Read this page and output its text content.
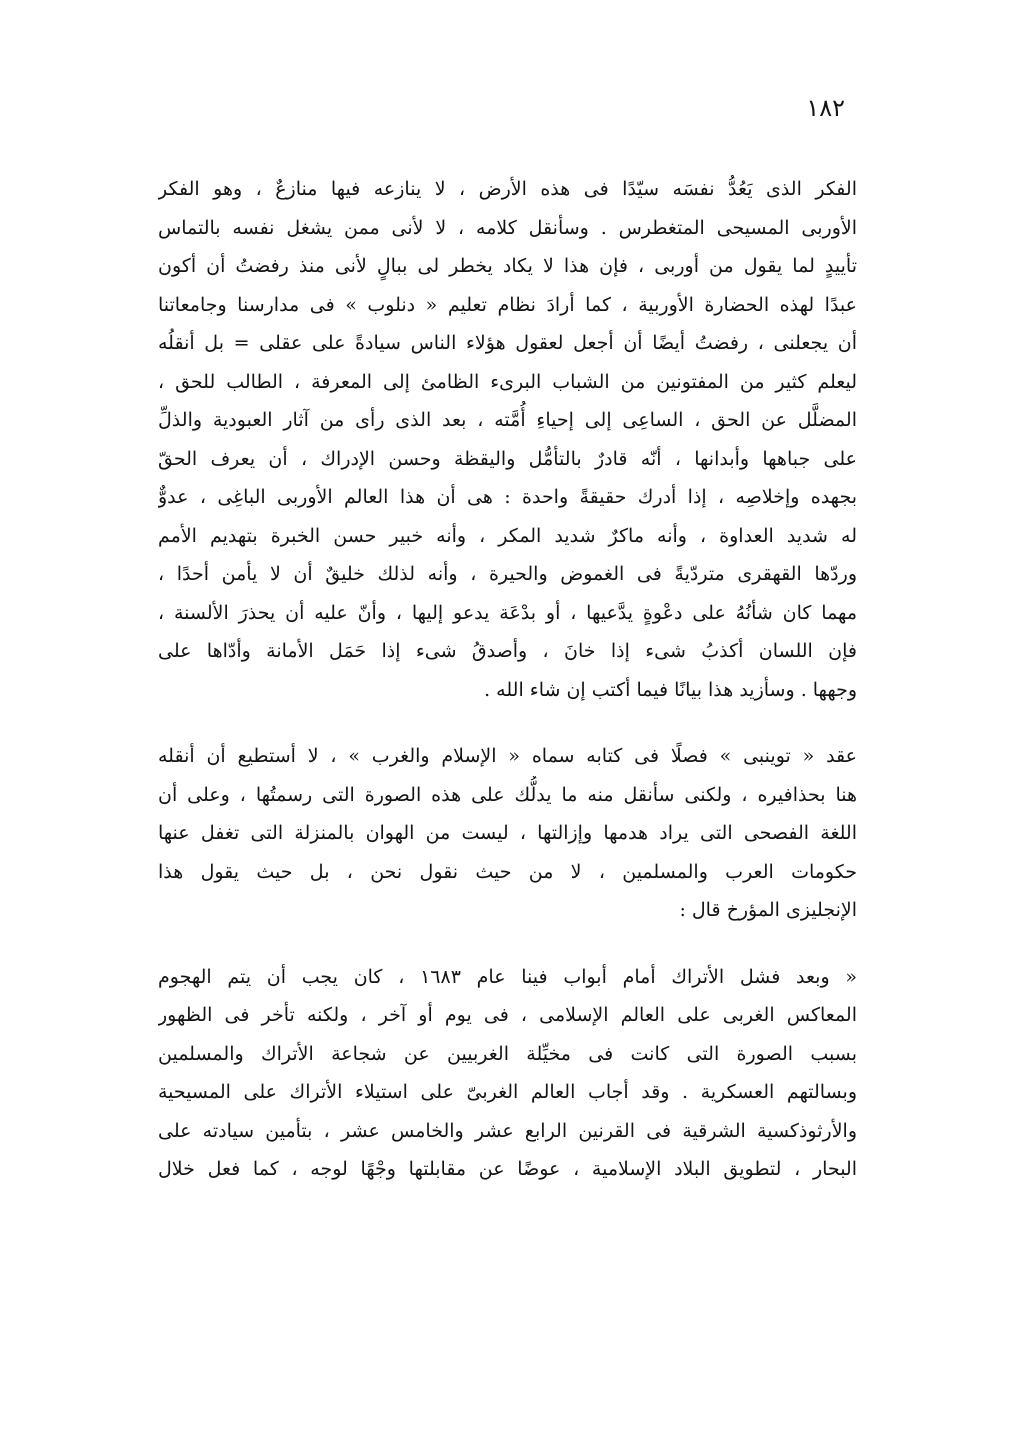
١٨٢

الفكر الذى يَعُدُّ نفسَه سيّدًا فى هذه الأرض ، لا ينازعه فيها منازعٌ ، وهو الفكر
الأوربى المسيحى المتغطرس . وسأنقل كلامه ، لا لأنى ممن يشغل نفسه بالتماس
تأييدٍ لما يقول من أوربى ، فإن هذا لا يكاد يخطر لى ببالٍ لأنى منذ رفضتُ أن أكون
عبدًا لهذه الحضارة الأوربية ، كما أرادَ نظام تعليم « دنلوب » فى مدارسنا وجامعاتنا
أن يجعلنى ، رفضتُ أيضًا أن أجعل لعقول هؤلاء الناس سيادةً على عقلى = بل أنقلُه
ليعلم كثير من المفتونين من الشباب البرىء الظامئ إلى المعرفة ، الطالب للحق ،
المضلَّل عن الحق ، الساعِى إلى إحياءِ أُمَّته ، بعد الذى رأى من آثار العبودية والذلِّ
على جباهها وأبدانها ، أنّه قادرٌ بالتأمُّل واليقظة وحسن الإدراك ، أن يعرف الحقّ
بجهده وإخلاصِه ، إذا أدرك حقيقةً واحدة : هى أن هذا العالم الأوربى الباغِى ، عدوٌّ
له شديد العداوة ، وأنه ماكرٌ شديد المكر ، وأنه خبير حسن الخبرة بتهديم الأمم
وردّها القهقرى متردّيةً فى الغموض والحيرة ، وأنه لذلك خليقٌ أن لا يأمن أحدًا ،
مهما كان شأنُهُ على دعْوةٍ يدَّعيها ، أو بدْعَة يدعو إليها ، وأنّ عليه أن يحذرَ الألسنة ،
فإن اللسان أكذبُ شىء إذا خانَ ، وأصدقُ شىء إذا حَمَل الأمانة وأدّاها على
وجهها . وسأزيد هذا بيانًا فيما أكتب إن شاء الله .

عقد « توينبى » فصلًا فى كتابه سماه « الإسلام والغرب » ، لا أستطيع أن أنقله
هنا بحذافيره ، ولكنى سأنقل منه ما يدلُّك على هذه الصورة التى رسمتُها ، وعلى أن
اللغة الفصحى التى يراد هدمها وإزالتها ، ليست من الهوان بالمنزلة التى تغفل عنها
حكومات العرب والمسلمين ، لا من حيث نقول نحن ، بل حيث يقول هذا
الإنجليزى المؤرخ قال :

« وبعد فشل الأتراك أمام أبواب فينا عام ١٦٨٣ ، كان يجب أن يتم الهجوم
المعاكس الغربى على العالم الإسلامى ، فى يوم أو آخر ، ولكنه تأخر فى الظهور
بسبب الصورة التى كانت فى مخيِّلة الغربيين عن شجاعة الأتراك والمسلمين
وبسالتهم العسكرية . وقد أجاب العالم الغربىّ على استيلاء الأتراك على المسيحية
والأرثوذكسية الشرقية فى القرنين الرابع عشر والخامس عشر ، بتأمين سيادته على
البحار ، لتطويق البلاد الإسلامية ، عوضًا عن مقابلتها وجْهًا لوجه ، كما فعل خلال
